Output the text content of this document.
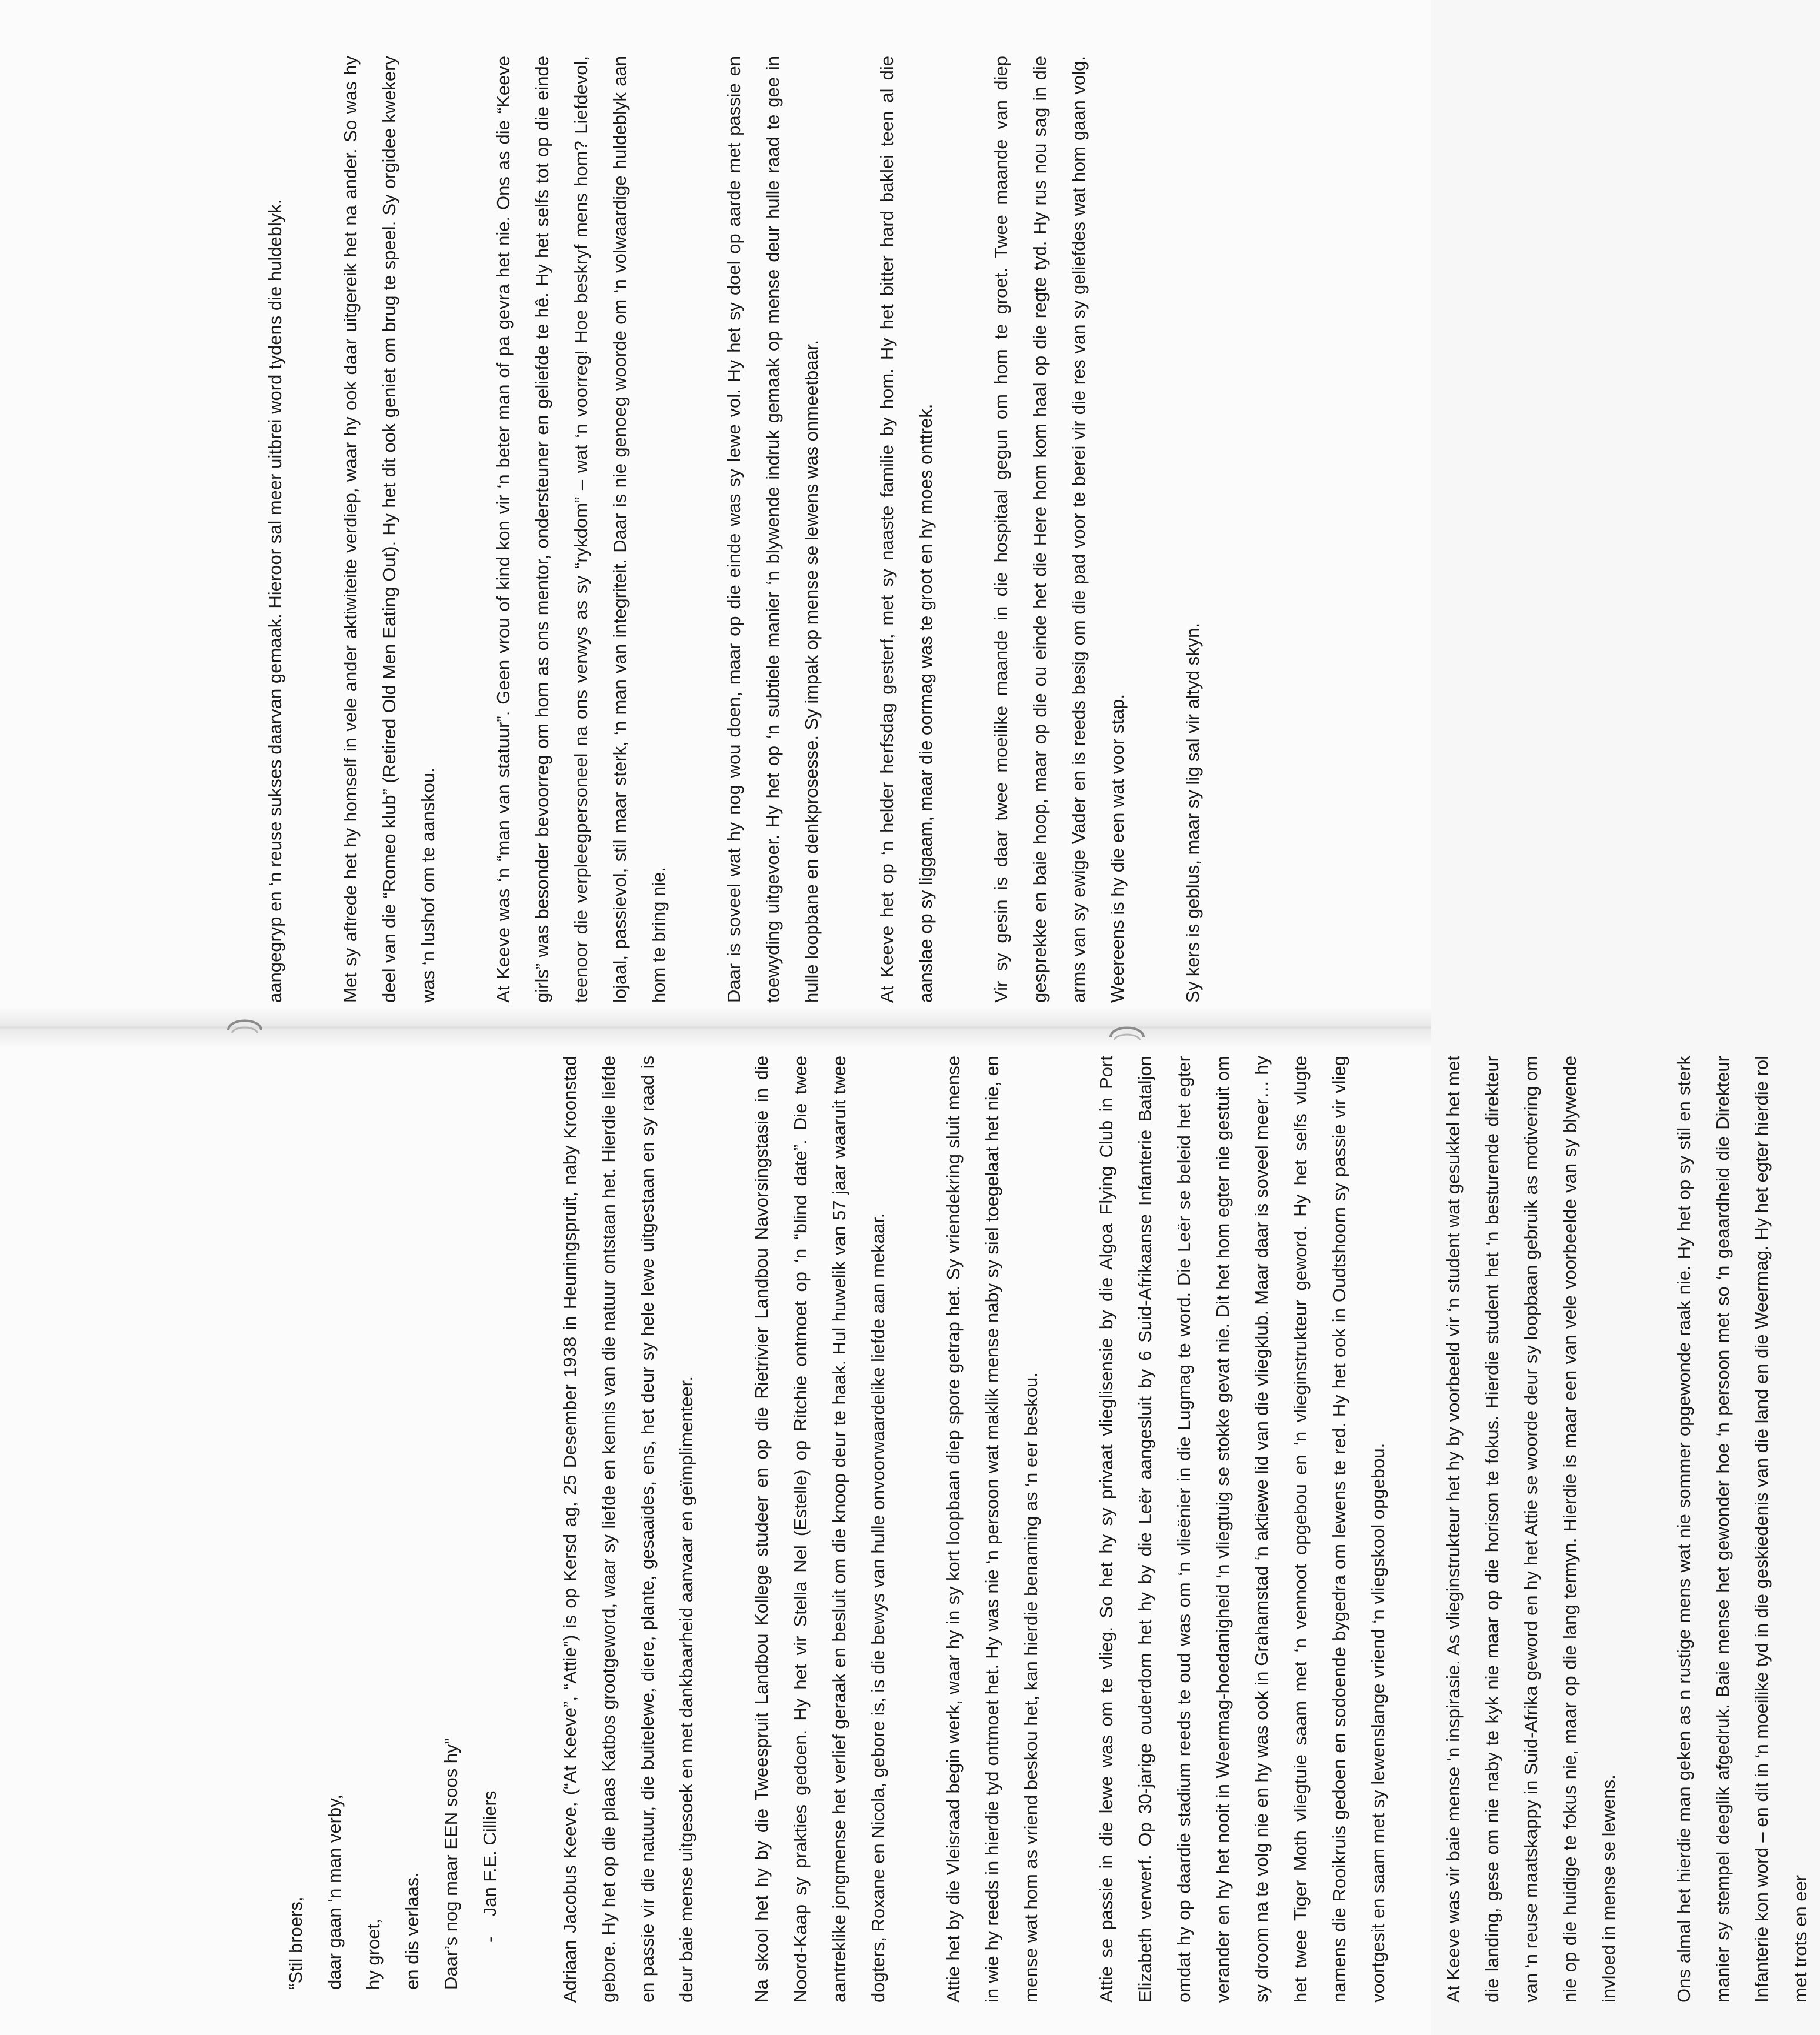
“Stil broers,	daar gaan ‘n man verby,	hy groet,	en dis verlaas.	Daar’s nog maar EEN soos hy”	-    Jan F.E. Cilliers	Adriaan Jacobus Keeve, (“At Keeve”, “Attie”) is op Kersd ag, 25 Desember 1938 in Heuningspruit, naby Kroonstad gebore. Hy het op die plaas Katbos grootgeword, waar sy liefde en kennis van die natuur ontstaan het. Hierdie liefde en passie vir die natuur, die buitelewe, diere, plante, gesaaides, ens, het deur sy hele lewe uitgestaan en sy raad is deur baie mense uitgesoek en met dankbaarheid aanvaar en geïmplimenteer.	Na skool het hy by die Tweespruit Landbou Kollege studeer en op die Rietrivier Landbou Navorsingstasie in die Noord-Kaap sy prakties gedoen. Hy het vir Stella Nel (Estelle) op Ritchie ontmoet op ‘n “blind date”. Die twee aantreklike jongmense het verlief geraak en besluit om die knoop deur te haak. Hul huwelik van 57 jaar waaruit twee dogters, Roxane en Nicola, gebore is, is die bewys van hulle onvoorwaardelike liefde aan mekaar.	Attie het by die Vleisraad begin werk, waar hy in sy kort loopbaan diep spore getrap het. Sy vriendekring sluit mense in wie hy reeds in hierdie tyd ontmoet het. Hy was nie ‘n persoon wat maklik mense naby sy siel toegelaat het nie, en mense wat hom as vriend beskou het, kan hierdie benaming as ‘n eer beskou.	Attie se passie in die lewe was om te vlieg. So het hy sy privaat vlieglisensie by die Algoa Flying Club in Port Elizabeth verwerf. Op 30-jarige ouderdom het hy by die Leër aangesluit by 6 Suid-Afrikaanse Infanterie Bataljon omdat hy op daardie stadium reeds te oud was om ‘n vlieënier in die Lugmag te word. Die Leër se beleid het egter verander en hy het nooit in Weermag-hoedanigheid ‘n vliegtuig se stokke gevat nie. Dit het hom egter nie gestuit om sy droom na te volg nie en hy was ook in Grahamstad ‘n aktiewe lid van die vliegklub. Maar daar is soveel meer… hy het twee Tiger Moth vliegtuie saam met ‘n vennoot opgebou en ‘n vlieginstrukteur geword. Hy het selfs vlugte namens die Rooikruis gedoen en sodoende bygedra om lewens te red. Hy het ook in Oudtshoorn sy passie vir vlieg voortgesit en saam met sy lewenslange vriend ‘n vliegskool opgebou.	At Keeve was vir baie mense ‘n inspirasie. As vlieginstrukteur het hy by voorbeeld vir ‘n student wat gesukkel het met die landing, gese om nie naby te kyk nie maar op die horison te fokus. Hierdie student het ‘n besturende direkteur van ‘n reuse maatskappy in Suid-Afrika geword en hy het Attie se woorde deur sy loopbaan gebruik as motivering om nie op die huidige te fokus nie, maar op die lang termyn. Hierdie is maar een van vele voorbeelde van sy blywende invloed in mense se lewens.	Ons almal het hierdie man geken as n rustige mens wat nie sommer opgewonde raak nie. Hy het op sy stil en sterk manier sy stempel deeglik afgedruk. Baie mense het gewonder hoe ‘n persoon met so ‘n geaardheid die Direkteur Infanterie kon word – en dit in ‘n moeilike tyd in die geskiedenis van die land en die Weermag. Hy het egter hierdie rol met trots en eer

aangegryp en ‘n reuse sukses daarvan gemaak. Hieroor sal meer uitbrei word tydens die huldeblyk.	Met sy aftrede het hy homself in vele ander aktiwiteite verdiep, waar hy ook daar uitgereik het na ander. So was hy deel van die “Romeo klub” (Retired Old Men Eating Out). Hy het dit ook geniet om brug te speel. Sy orgidee kwekery was ‘n lushof om te aanskou.	At Keeve was ‘n “man van statuur”. Geen vrou of kind kon vir ‘n beter man of pa gevra het nie. Ons as die “Keeve girls” was besonder bevoorreg om hom as ons mentor, ondersteuner en geliefde te hê. Hy het selfs tot op die einde teenoor die verpleegpersoneel na ons verwys as sy “rykdom” – wat ‘n voorreg! Hoe beskryf mens hom? Liefdevol, lojaal, passievol, stil maar sterk, ‘n man van integriteit. Daar is nie genoeg woorde om ‘n volwaardige huldeblyk aan hom te bring nie.	Daar is soveel wat hy nog wou doen, maar op die einde was sy lewe vol. Hy het sy doel op aarde met passie en toewyding uitgevoer. Hy het op ‘n subtiele manier ‘n blywende indruk gemaak op mense deur hulle raad te gee in hulle loopbane en denkprosesse. Sy impak op mense se lewens was onmeetbaar.	At Keeve het op ‘n helder herfsdag gesterf, met sy naaste familie by hom. Hy het bitter hard baklei teen al die aanslae op sy liggaam, maar die oormag was te groot en hy moes onttrek.	Vir sy gesin is daar twee moeilike maande in die hospitaal gegun om hom te groet. Twee maande van diep gesprekke en baie hoop, maar op die ou einde het die Here hom kom haal op die regte tyd. Hy rus nou sag in die arms van sy ewige Vader en is reeds besig om die pad voor te berei vir die res van sy geliefdes wat hom gaan volg. Weereens is hy die een wat voor stap.	Sy kers is geblus, maar sy lig sal vir altyd skyn.
